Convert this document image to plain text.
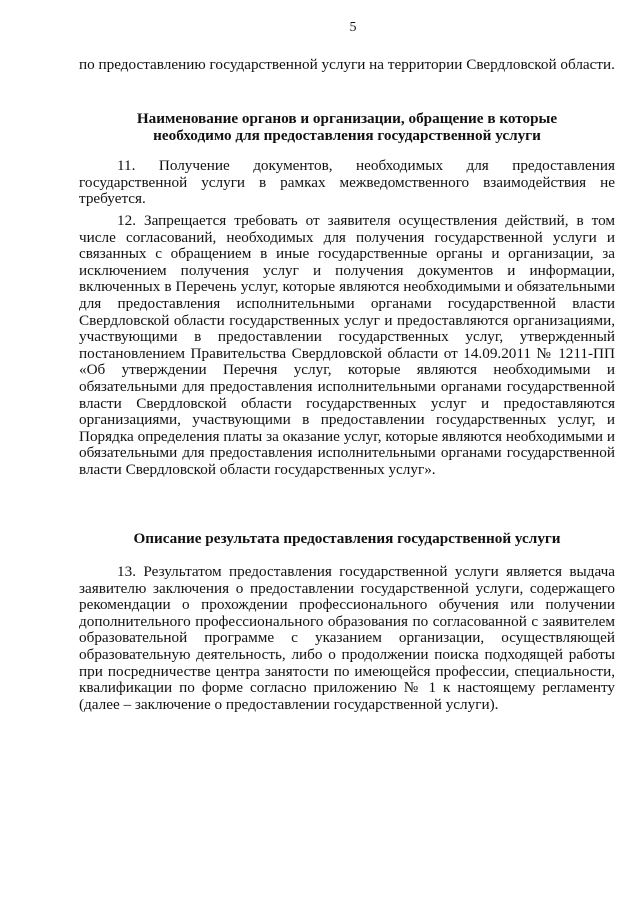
5

по предоставлению государственной услуги на территории Свердловской области.

Наименование органов и организации, обращение в которые
необходимо для предоставления государственной услуги

11. Получение документов, необходимых для предоставления государственной услуги в рамках межведомственного взаимодействия не требуется.

12. Запрещается требовать от заявителя осуществления действий, в том числе согласований, необходимых для получения государственной услуги и связанных с обращением в иные государственные органы и организации, за исключением получения услуг и получения документов и информации, включенных в Перечень услуг, которые являются необходимыми и обязательными для предоставления исполнительными органами государственной власти Свердловской области государственных услуг и предоставляются организациями, участвующими в предоставлении государственных услуг, утвержденный постановлением Правительства Свердловской области от 14.09.2011 № 1211-ПП «Об утверждении Перечня услуг, которые являются необходимыми и обязательными для предоставления исполнительными органами государственной власти Свердловской области государственных услуг и предоставляются организациями, участвующими в предоставлении государственных услуг, и Порядка определения платы за оказание услуг, которые являются необходимыми и обязательными для предоставления исполнительными органами государственной власти Свердловской области государственных услуг».

Описание результата предоставления государственной услуги

13. Результатом предоставления государственной услуги является выдача заявителю заключения о предоставлении государственной услуги, содержащего рекомендации о прохождении профессионального обучения или получении дополнительного профессионального образования по согласованной с заявителем образовательной программе с указанием организации, осуществляющей образовательную деятельность, либо о продолжении поиска подходящей работы при посредничестве центра занятости по имеющейся профессии, специальности, квалификации по форме согласно приложению № 1 к настоящему регламенту (далее – заключение о предоставлении государственной услуги).
